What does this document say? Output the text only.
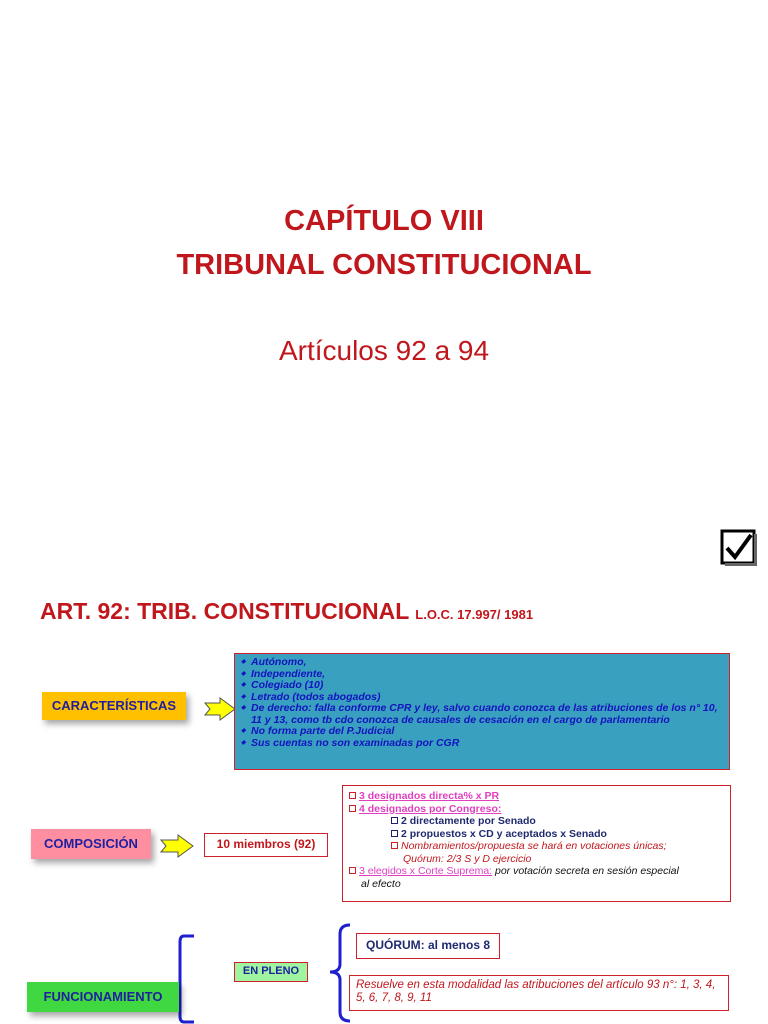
CAPÍTULO VIII
TRIBUNAL CONSTITUCIONAL
Artículos 92 a 94
ART. 92: TRIB. CONSTITUCIONAL L.O.C. 17.997/ 1981
CARACTERÍSTICAS
◆ Autónomo,
◆ Independiente,
◆ Colegiado (10)
◆ Letrado (todos abogados)
◆ De derecho: falla conforme CPR y ley, salvo cuando conozca de las atribuciones de los n° 10, 11 y 13, como tb cdo conozca de causales de cesación en el cargo de parlamentario
◆ No forma parte del P.Judicial
◆ Sus cuentas no son examinadas por CGR
COMPOSICIÓN	10 miembros (92)
3 designados directa% x PR
4 designados por Congreso:
2 directamente por Senado
2 propuestos x CD y aceptados x Senado
Nombramientos/propuesta se hará en votaciones únicas;
Quórum: 2/3 S y D ejercicio
3 elegidos x Corte Suprema: por votación secreta en sesión especial
al efecto
FUNCIONAMIENTO
EN PLENO
QUÓRUM: al menos 8
Resuelve en esta modalidad las atribuciones del artículo 93 n°: 1, 3, 4, 5, 6, 7, 8, 9, 11
